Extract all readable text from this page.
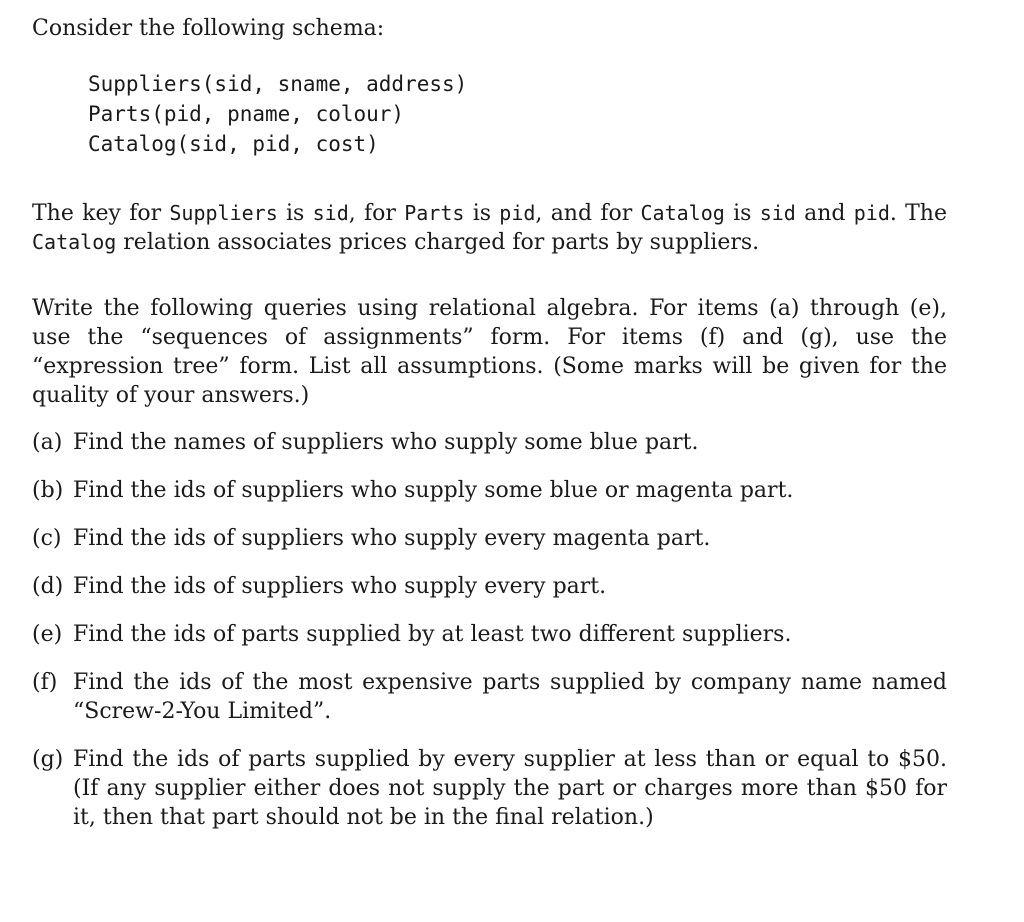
Consider the following schema:

Suppliers(sid, sname, address)
Parts(pid, pname, colour)
Catalog(sid, pid, cost)

The key for Suppliers is sid, for Parts is pid, and for Catalog is sid and pid. The Catalog relation associates prices charged for parts by suppliers.

Write the following queries using relational algebra. For items (a) through (e), use the “sequences of assignments” form. For items (f) and (g), use the “expression tree” form. List all assumptions. (Some marks will be given for the quality of your answers.)

(a) Find the names of suppliers who supply some blue part.
(b) Find the ids of suppliers who supply some blue or magenta part.
(c) Find the ids of suppliers who supply every magenta part.
(d) Find the ids of suppliers who supply every part.
(e) Find the ids of parts supplied by at least two different suppliers.
(f) Find the ids of the most expensive parts supplied by company name named “Screw-2-You Limited”.
(g) Find the ids of parts supplied by every supplier at less than or equal to $50. (If any supplier either does not supply the part or charges more than $50 for it, then that part should not be in the final relation.)
